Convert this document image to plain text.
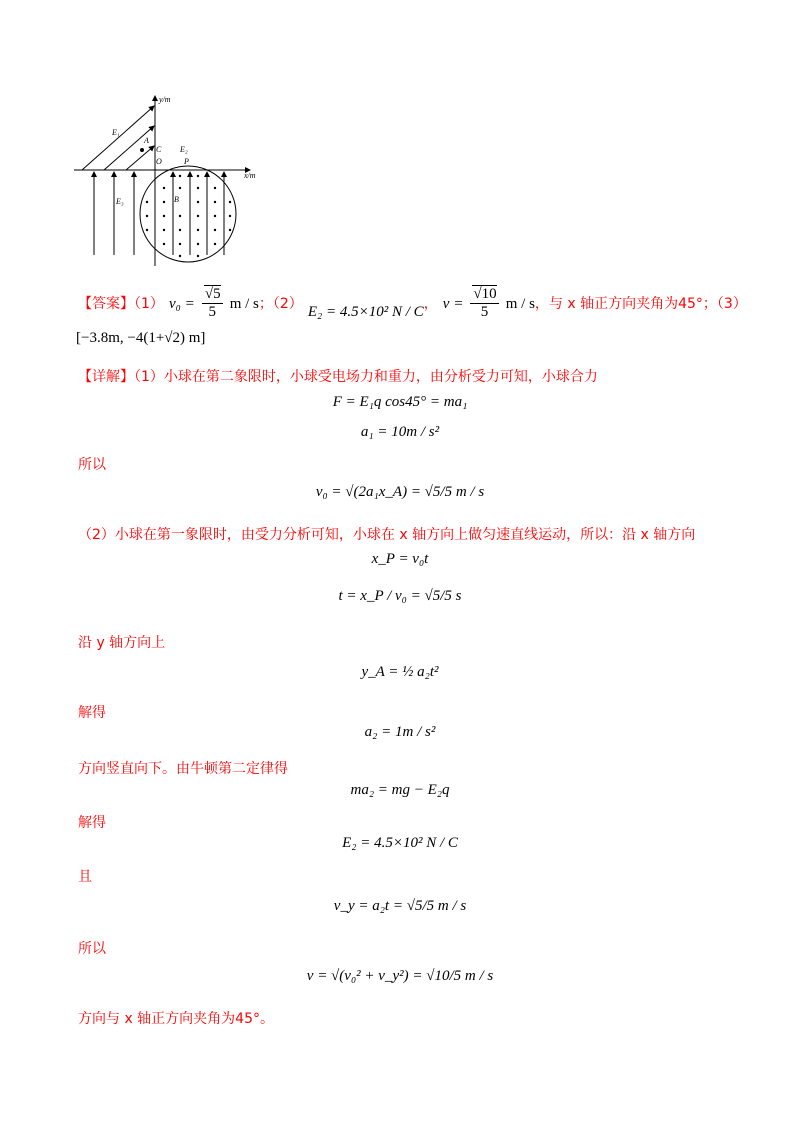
y/m
x/m
E₁
E₂
E₃
A
C
O	P
B
【答案】（1） $v_0 = \frac{√5}{5}$ m / s；（2） E₂ = 4.5×10² N / C， $v = \frac{√10}{5}$ m / s，与 x 轴正方向夹角为45°；（3）
[−3.8m, −4(1+√2) m]
【详解】（1）小球在第二象限时，小球受电场力和重力，由分析受力可知，小球合力
F = E₁q cos45° = ma₁
a₁ = 10m / s²
所以
v₀ = √(2a₁x_A) = √5/5 m / s
（2）小球在第一象限时，由受力分析可知，小球在 x 轴方向上做匀速直线运动，所以：沿 x 轴方向
x_P = v₀t
t = x_P / v₀ = √5/5 s
沿 y 轴方向上
y_A = ½ a₂t²
解得
a₂ = 1m / s²
方向竖直向下。由牛顿第二定律得
ma₂ = mg − E₂q
解得
E₂ = 4.5×10² N / C
且
v_y = a₂t = √5/5 m / s
所以
v = √(v₀² + v_y²) = √10/5 m / s
方向与 x 轴正方向夹角为45°。
